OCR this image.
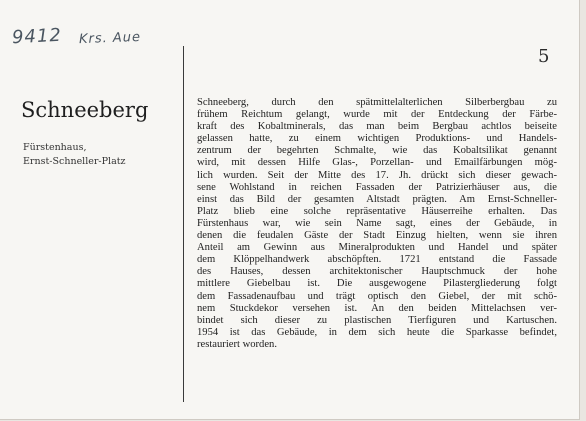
9412 Krs. Aue
5
Schneeberg
Fürstenhaus,
Ernst-Schneller-Platz
Schneeberg, durch den spätmittelalterlichen Silberbergbau zu
frühem Reichtum gelangt, wurde mit der Entdeckung der Färbe-
kraft des Kobaltminerals, das man beim Bergbau achtlos beiseite
gelassen hatte, zu einem wichtigen Produktions- und Handels-
zentrum der begehrten Schmalte, wie das Kobaltsilikat genannt
wird, mit dessen Hilfe Glas-, Porzellan- und Emailfärbungen mög-
lich wurden. Seit der Mitte des 17. Jh. drückt sich dieser gewach-
sene Wohlstand in reichen Fassaden der Patrizierhäuser aus, die
einst das Bild der gesamten Altstadt prägten. Am Ernst-Schneller-
Platz blieb eine solche repräsentative Häuserreihe erhalten. Das
Fürstenhaus war, wie sein Name sagt, eines der Gebäude, in
denen die feudalen Gäste der Stadt Einzug hielten, wenn sie ihren
Anteil am Gewinn aus Mineralprodukten und Handel und später
dem Klöppelhandwerk abschöpften. 1721 entstand die Fassade
des Hauses, dessen architektonischer Hauptschmuck der hohe
mittlere Giebelbau ist. Die ausgewogene Pilastergliederung folgt
dem Fassadenaufbau und trägt optisch den Giebel, der mit schö-
nem Stuckdekor versehen ist. An den beiden Mittelachsen ver-
bindet sich dieser zu plastischen Tierfiguren und Kartuschen.
1954 ist das Gebäude, in dem sich heute die Sparkasse befindet,
restauriert worden.
